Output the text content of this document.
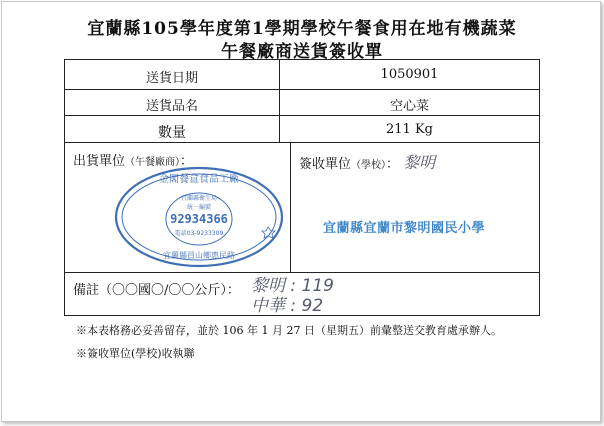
宜蘭縣105學年度第1學期學校午餐食用在地有機蔬菜
午餐廠商送貨簽收單
送貨日期	1050901
送貨品名	空心菜
數量	211 Kg
出貨單位（午餐廠商）：
金閣餐盒食品工廠
宜蘭縣衛生局
統一編號
92934366
電話03-9233309
宜蘭縣員山鄉惠民路
簽收單位（學校）： 黎明
宜蘭縣宜蘭市黎明國民小學
備註（〇〇國〇/〇〇公斤）： 黎明 : 119
中華 : 92
※本表格務必妥善留存，並於 106 年 1 月 27 日（星期五）前彙整送交教育處承辦人。
※簽收單位(學校)收執聯
